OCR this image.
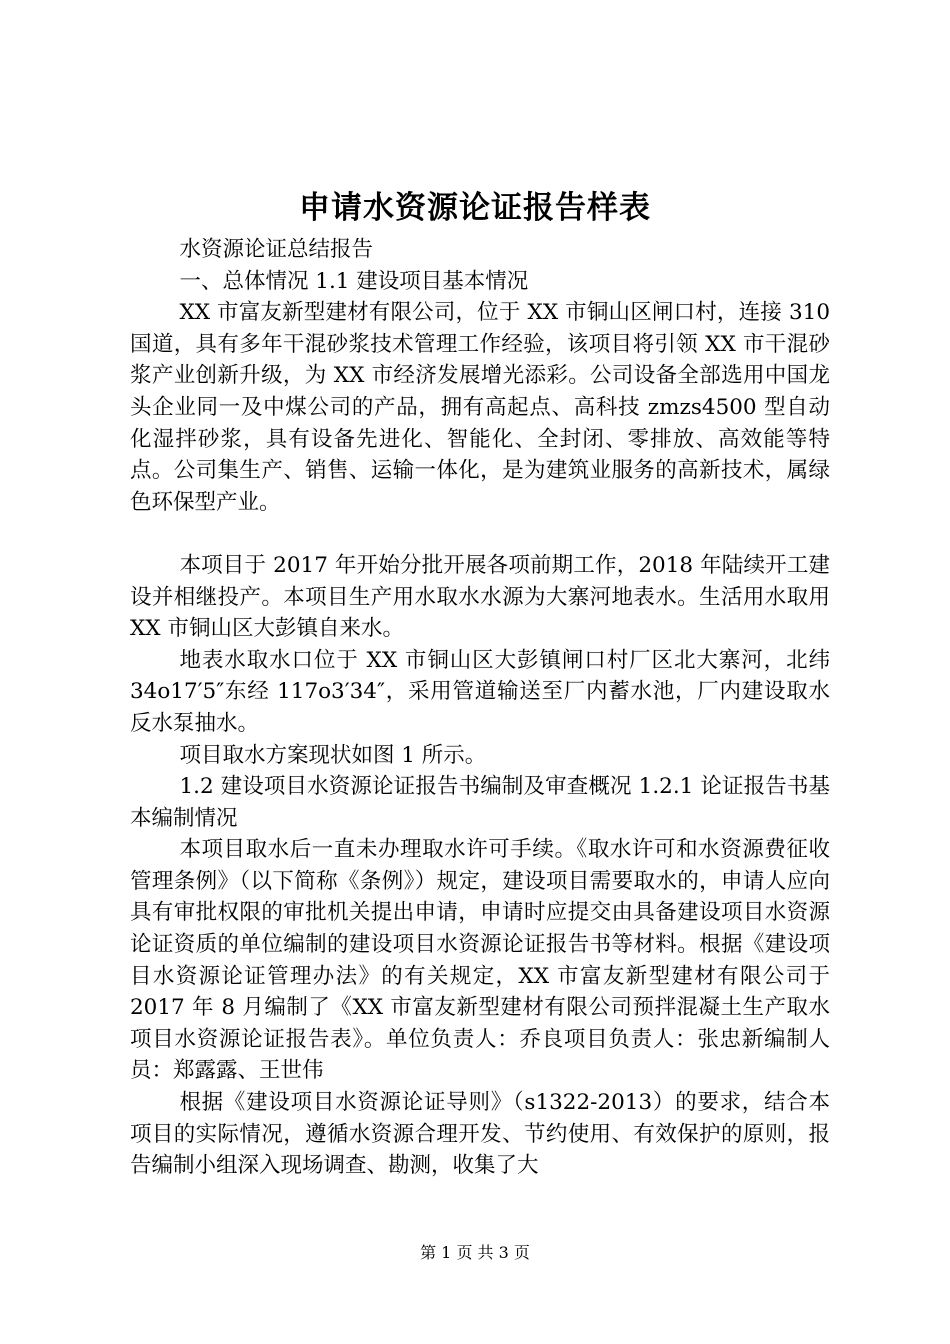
申请水资源论证报告样表

水资源论证总结报告

一、总体情况 1.1 建设项目基本情况

XX 市富友新型建材有限公司，位于 XX 市铜山区闸口村，连接 310 国道，具有多年干混砂浆技术管理工作经验，该项目将引领 XX 市干混砂浆产业创新升级，为 XX 市经济发展增光添彩。公司设备全部选用中国龙头企业同一及中煤公司的产品，拥有高起点、高科技 zmzs4500 型自动化湿拌砂浆，具有设备先进化、智能化、全封闭、零排放、高效能等特点。公司集生产、销售、运输一体化，是为建筑业服务的高新技术，属绿色环保型产业。

本项目于 2017 年开始分批开展各项前期工作，2018 年陆续开工建设并相继投产。本项目生产用水取水水源为大寨河地表水。生活用水取用 XX 市铜山区大彭镇自来水。

地表水取水口位于 XX 市铜山区大彭镇闸口村厂区北大寨河，北纬 34o17′5″东经 117o3′34″，采用管道输送至厂内蓄水池，厂内建设取水反水泵抽水。

项目取水方案现状如图 1 所示。

1.2 建设项目水资源论证报告书编制及审查概况 1.2.1 论证报告书基本编制情况

本项目取水后一直未办理取水许可手续。《取水许可和水资源费征收管理条例》（以下简称《条例》）规定，建设项目需要取水的，申请人应向具有审批权限的审批机关提出申请，申请时应提交由具备建设项目水资源论证资质的单位编制的建设项目水资源论证报告书等材料。根据《建设项目水资源论证管理办法》的有关规定，XX 市富友新型建材有限公司于 2017 年 8 月编制了《XX 市富友新型建材有限公司预拌混凝土生产取水项目水资源论证报告表》。单位负责人：乔良项目负责人：张忠新编制人员：郑露露、王世伟

根据《建设项目水资源论证导则》（s1322-2013）的要求，结合本项目的实际情况，遵循水资源合理开发、节约使用、有效保护的原则，报告编制小组深入现场调查、勘测，收集了大

第 1 页 共 3 页
